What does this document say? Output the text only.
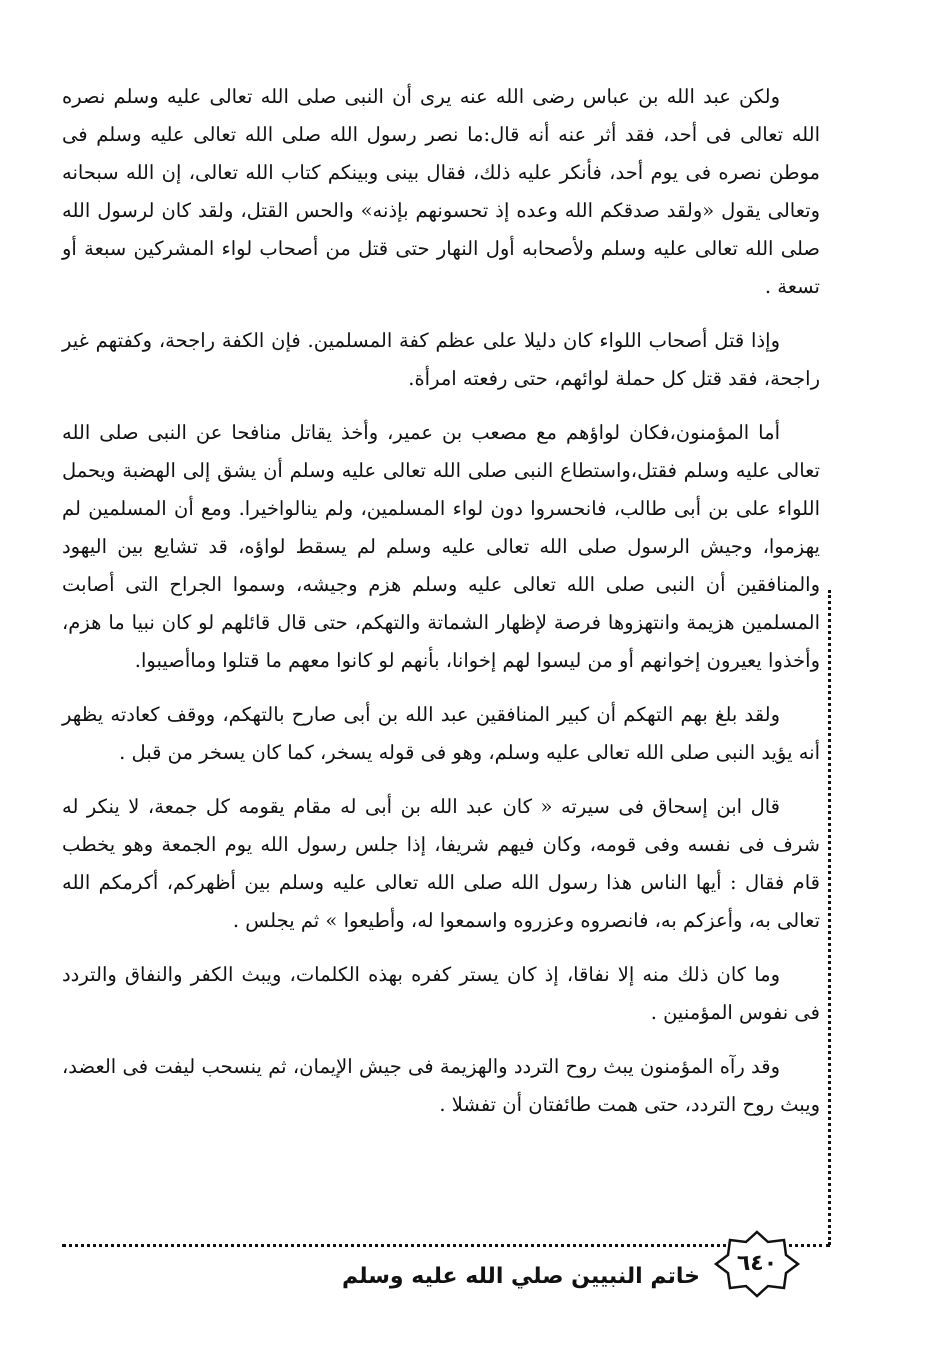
ولكن عبد الله بن عباس رضى الله عنه يرى أن النبى صلى الله تعالى عليه وسلم نصره الله تعالى فى أحد، فقد أثر عنه أنه قال:ما نصر رسول الله صلى الله تعالى عليه وسلم فى موطن نصره فى يوم أحد، فأنكر عليه ذلك، فقال بينى وبينكم كتاب الله تعالى، إن الله سبحانه وتعالى يقول «ولقد صدقكم الله وعده إذ تحسونهم بإذنه» والحس القتل، ولقد كان لرسول الله صلى الله تعالى عليه وسلم ولأصحابه أول النهار حتى قتل من أصحاب لواء المشركين سبعة أو تسعة .

وإذا قتل أصحاب اللواء كان دليلا على عظم كفة المسلمين. فإن الكفة راجحة، وكفتهم غير راجحة، فقد قتل كل حملة لوائهم، حتى رفعته امرأة.

أما المؤمنون،فكان لواؤهم مع مصعب بن عمير، وأخذ يقاتل منافحا عن النبى صلى الله تعالى عليه وسلم فقتل،واستطاع النبى صلى الله تعالى عليه وسلم أن يشق إلى الهضبة ويحمل اللواء على بن أبى طالب، فانحسروا دون لواء المسلمين، ولم ينالواخيرا. ومع أن المسلمين لم يهزموا، وجيش الرسول صلى الله تعالى عليه وسلم لم يسقط لواؤه، قد تشايع بين اليهود والمنافقين أن النبى صلى الله تعالى عليه وسلم هزم وجيشه، وسموا الجراح التى أصابت المسلمين هزيمة وانتهزوها فرصة لإظهار الشماتة والتهكم، حتى قال قائلهم لو كان نبيا ما هزم، وأخذوا يعيرون إخوانهم أو من ليسوا لهم إخوانا، بأنهم لو كانوا معهم ما قتلوا وماأصيبوا.

ولقد بلغ بهم التهكم أن كبير المنافقين عبد الله بن أبى صارح بالتهكم، ووقف كعادته يظهر أنه يؤيد النبى صلى الله تعالى عليه وسلم، وهو فى قوله يسخر، كما كان يسخر من قبل .

قال ابن إسحاق فى سيرته « كان عبد الله بن أبى له مقام يقومه كل جمعة، لا ينكر له شرف فى نفسه وفى قومه، وكان فيهم شريفا، إذا جلس رسول الله يوم الجمعة وهو يخطب قام فقال : أيها الناس هذا رسول الله صلى الله تعالى عليه وسلم بين أظهركم، أكرمكم الله تعالى به، وأعزكم به، فانصروه وعزروه واسمعوا له، وأطيعوا » ثم يجلس .

وما كان ذلك منه إلا نفاقا، إذ كان يستر كفره بهذه الكلمات، ويبث الكفر والنفاق والتردد فى نفوس المؤمنين .

وقد رآه المؤمنون يبث روح التردد والهزيمة فى جيش الإيمان، ثم ينسحب ليفت فى العضد، ويبث روح التردد، حتى همت طائفتان أن تفشلا .

٦٤٠
خاتم النبيين صلي الله عليه وسلم
